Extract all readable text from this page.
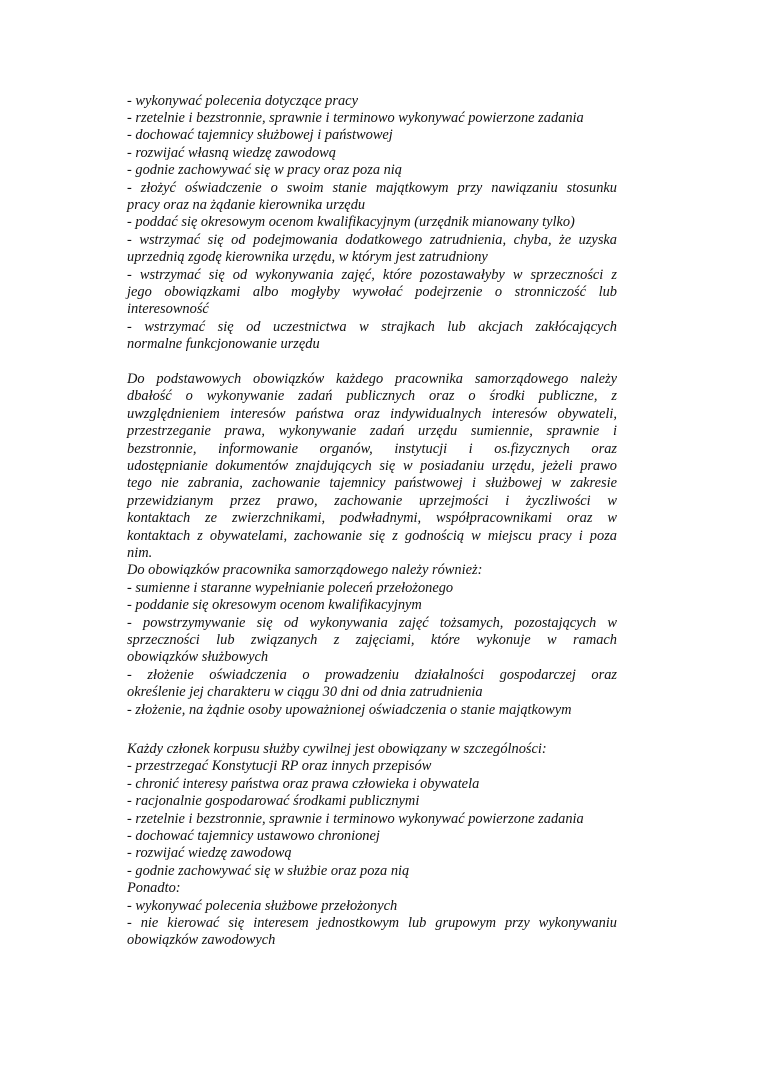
- wykonywać polecenia dotyczące pracy
- rzetelnie i bezstronnie, sprawnie i terminowo wykonywać powierzone zadania
- dochować tajemnicy służbowej i państwowej
- rozwijać własną wiedzę zawodową
- godnie zachowywać się w pracy oraz poza nią
- złożyć oświadczenie o swoim stanie majątkowym przy nawiązaniu stosunku
pracy oraz na żądanie kierownika urzędu
- poddać się okresowym ocenom kwalifikacyjnym (urzędnik mianowany tylko)
- wstrzymać się od podejmowania dodatkowego zatrudnienia, chyba, że uzyska
uprzednią zgodę kierownika urzędu, w którym jest zatrudniony
- wstrzymać się od wykonywania zajęć, które pozostawałyby w sprzeczności z
jego obowiązkami albo mogłyby wywołać podejrzenie o stronniczość lub
interesowność
- wstrzymać się od uczestnictwa w strajkach lub akcjach zakłócających
normalne funkcjonowanie urzędu
Do podstawowych obowiązków każdego pracownika samorządowego należy
dbałość o wykonywanie zadań publicznych oraz o środki publiczne, z
uwzględnieniem interesów państwa oraz indywidualnych interesów obywateli,
przestrzeganie prawa, wykonywanie zadań urzędu sumiennie, sprawnie i
bezstronnie, informowanie organów, instytucji i os.fizycznych oraz
udostępnianie dokumentów znajdujących się w posiadaniu urzędu, jeżeli prawo
tego nie zabrania, zachowanie tajemnicy państwowej i służbowej w zakresie
przewidzianym przez prawo, zachowanie uprzejmości i życzliwości w
kontaktach ze zwierzchnikami, podwładnymi, współpracownikami oraz w
kontaktach z obywatelami, zachowanie się z godnością w miejscu pracy i poza
nim.
Do obowiązków pracownika samorządowego należy również:
- sumienne i staranne wypełnianie poleceń przełożonego
- poddanie się okresowym ocenom kwalifikacyjnym
- powstrzymywanie się od wykonywania zajęć tożsamych, pozostających w
sprzeczności lub związanych z zajęciami, które wykonuje w ramach
obowiązków służbowych
- złożenie oświadczenia o prowadzeniu działalności gospodarczej oraz
określenie jej charakteru w ciągu 30 dni od dnia zatrudnienia
- złożenie, na żądnie osoby upoważnionej oświadczenia o stanie majątkowym
Każdy członek korpusu służby cywilnej jest obowiązany w szczególności:
- przestrzegać Konstytucji RP oraz innych przepisów
- chronić interesy państwa oraz prawa człowieka i obywatela
- racjonalnie gospodarować środkami publicznymi
- rzetelnie i bezstronnie, sprawnie i terminowo wykonywać powierzone zadania
- dochować tajemnicy ustawowo chronionej
- rozwijać wiedzę zawodową
- godnie zachowywać się w służbie oraz poza nią
Ponadto:
- wykonywać polecenia służbowe przełożonych
- nie kierować się interesem jednostkowym lub grupowym przy wykonywaniu
obowiązków zawodowych
